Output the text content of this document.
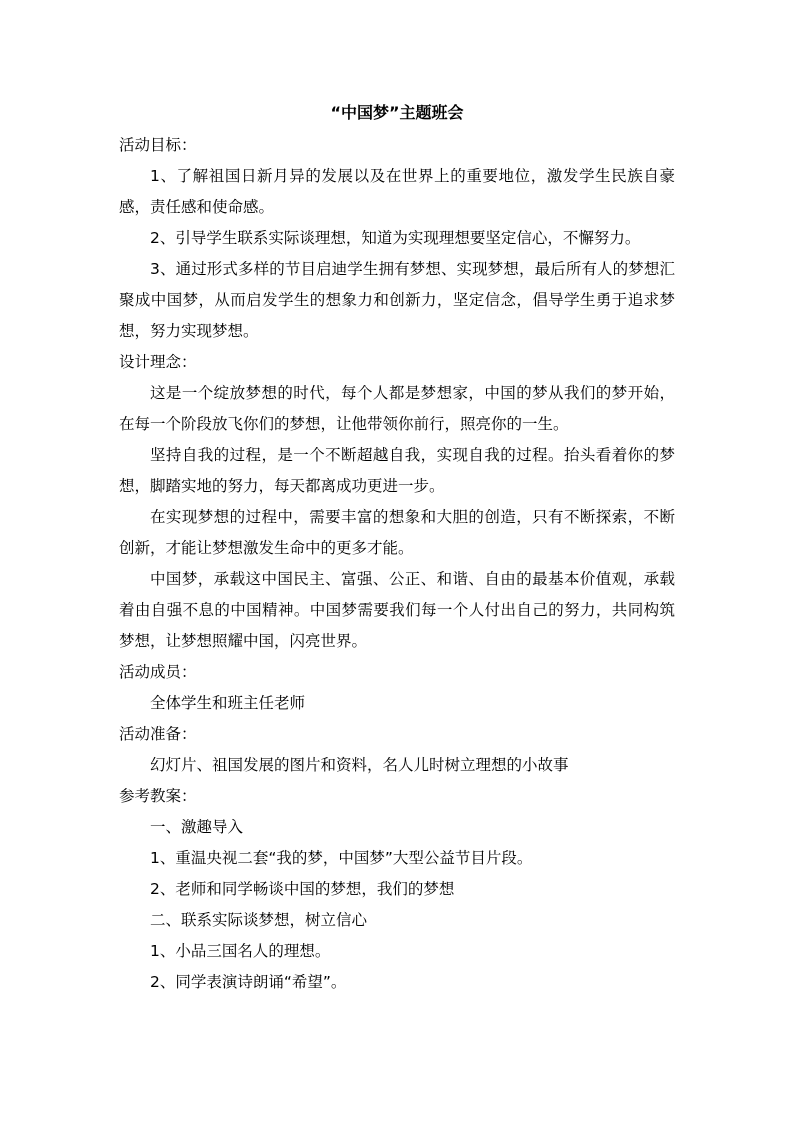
“中国梦”主题班会

活动目标：

1、了解祖国日新月异的发展以及在世界上的重要地位，激发学生民族自豪感，责任感和使命感。

2、引导学生联系实际谈理想，知道为实现理想要坚定信心，不懈努力。

3、通过形式多样的节目启迪学生拥有梦想、实现梦想，最后所有人的梦想汇聚成中国梦，从而启发学生的想象力和创新力，坚定信念，倡导学生勇于追求梦想，努力实现梦想。

设计理念：

这是一个绽放梦想的时代，每个人都是梦想家，中国的梦从我们的梦开始，在每一个阶段放飞你们的梦想，让他带领你前行，照亮你的一生。

坚持自我的过程，是一个不断超越自我，实现自我的过程。抬头看着你的梦想，脚踏实地的努力，每天都离成功更进一步。

在实现梦想的过程中，需要丰富的想象和大胆的创造，只有不断探索，不断创新，才能让梦想激发生命中的更多才能。

中国梦，承载这中国民主、富强、公正、和谐、自由的最基本价值观，承载着由自强不息的中国精神。中国梦需要我们每一个人付出自己的努力，共同构筑梦想，让梦想照耀中国，闪亮世界。

活动成员：

全体学生和班主任老师

活动准备：

幻灯片、祖国发展的图片和资料，名人儿时树立理想的小故事

参考教案：

一、激趣导入

1、重温央视二套“我的梦，中国梦”大型公益节目片段。

2、老师和同学畅谈中国的梦想，我们的梦想

二、联系实际谈梦想，树立信心

1、小品三国名人的理想。

2、同学表演诗朗诵“希望”。
